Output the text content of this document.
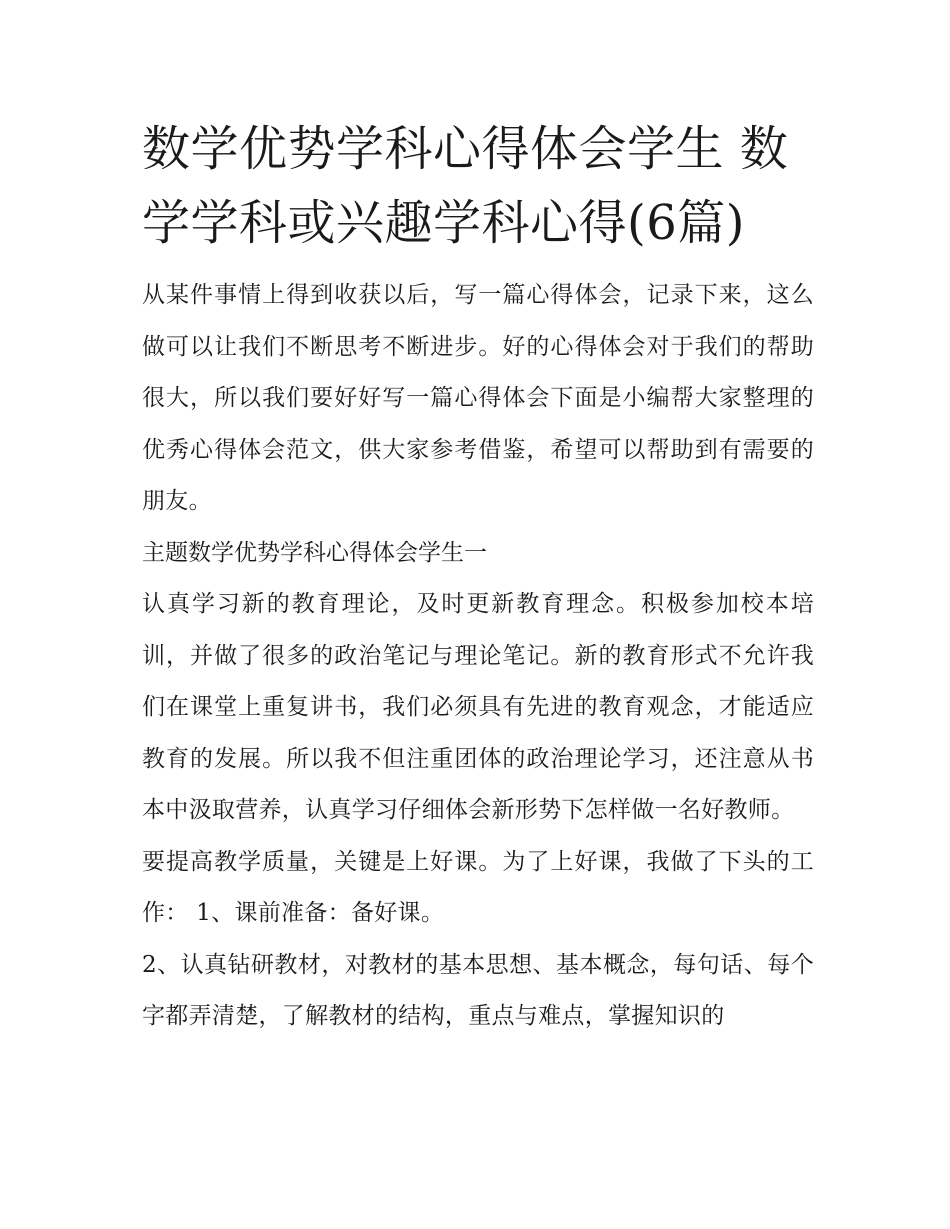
数学优势学科心得体会学生 数学学科或兴趣学科心得(6篇)

从某件事情上得到收获以后，写一篇心得体会，记录下来，这么做可以让我们不断思考不断进步。好的心得体会对于我们的帮助很大，所以我们要好好写一篇心得体会下面是小编帮大家整理的优秀心得体会范文，供大家参考借鉴，希望可以帮助到有需要的朋友。

主题数学优势学科心得体会学生一

认真学习新的教育理论，及时更新教育理念。积极参加校本培训，并做了很多的政治笔记与理论笔记。新的教育形式不允许我们在课堂上重复讲书，我们必须具有先进的教育观念，才能适应教育的发展。所以我不但注重团体的政治理论学习，还注意从书本中汲取营养，认真学习仔细体会新形势下怎样做一名好教师。

要提高教学质量，关键是上好课。为了上好课，我做了下头的工作： 1、课前准备：备好课。

2、认真钻研教材，对教材的基本思想、基本概念，每句话、每个字都弄清楚，了解教材的结构，重点与难点，掌握知识的
